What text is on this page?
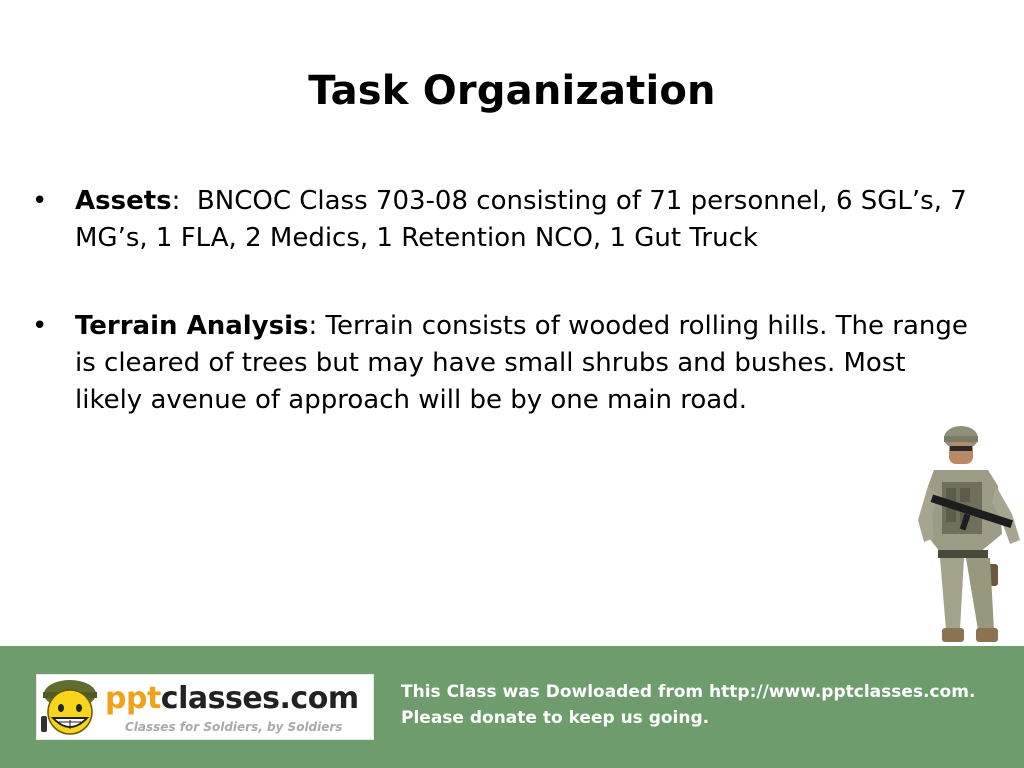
Task Organization
• Assets:  BNCOC Class 703-08 consisting of 71 personnel, 6 SGL’s, 7 MG’s, 1 FLA, 2 Medics, 1 Retention NCO, 1 Gut Truck
• Terrain Analysis: Terrain consists of wooded rolling hills. The range is cleared of trees but may have small shrubs and bushes. Most likely avenue of approach will be by one main road.
pptclasses.com
Classes for Soldiers, by Soldiers
This Class was Dowloaded from http://www.pptclasses.com.
Please donate to keep us going.
